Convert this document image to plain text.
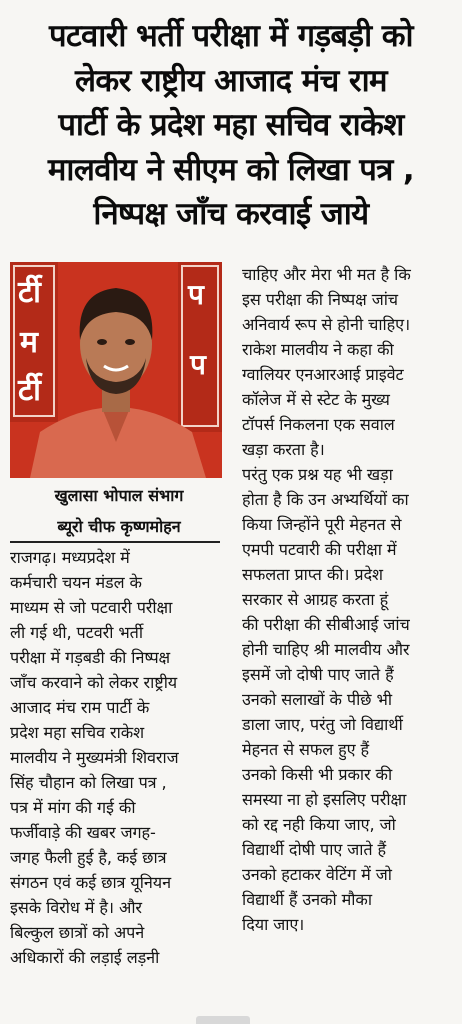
पटवारी भर्ती परीक्षा में गड़बड़ी को
लेकर राष्ट्रीय आजाद मंच राम
पार्टी के प्रदेश महा सचिव राकेश
मालवीय ने सीएम को लिखा पत्र ,
निष्पक्ष जाँच करवाई जाये
र्टी
म
र्टी
प
प
खुलासा भोपाल संभाग
ब्यूरो चीफ कृष्णमोहन

राजगढ़। मध्यप्रदेश में
कर्मचारी चयन मंडल के
माध्यम से जो पटवारी परीक्षा
ली गई थी, पटवरी भर्ती
परीक्षा में गड़बडी की निष्पक्ष
जाँच करवाने को लेकर राष्ट्रीय
आजाद मंच राम पार्टी के
प्रदेश महा सचिव राकेश
मालवीय ने मुख्यमंत्री शिवराज
सिंह चौहान को लिखा पत्र ,
पत्र में मांग की गई की
फर्जीवाड़े की खबर जगह-
जगह फैली हुई है, कई छात्र
संगठन एवं कई छात्र यूनियन
इसके विरोध में है। और
बिल्कुल छात्रों को अपने
अधिकारों की लड़ाई लड़नी

चाहिए और मेरा भी मत है कि
इस परीक्षा की निष्पक्ष जांच
अनिवार्य रूप से होनी चाहिए।
राकेश मालवीय ने कहा की
ग्वालियर एनआरआई प्राइवेट
कॉलेज में से स्टेट के मुख्य
टॉपर्स निकलना एक सवाल
खड़ा करता है।

परंतु एक प्रश्न यह भी खड़ा
होता है कि उन अभ्यर्थियों का
किया जिन्होंने पूरी मेहनत से
एमपी पटवारी की परीक्षा में
सफलता प्राप्त की। प्रदेश
सरकार से आग्रह करता हूं
की परीक्षा की सीबीआई जांच
होनी चाहिए श्री मालवीय और
इसमें जो दोषी पाए जाते हैं
उनको सलाखों के पीछे भी
डाला जाए, परंतु जो विद्यार्थी
मेहनत से सफल हुए हैं
उनको किसी भी प्रकार की
समस्या ना हो इसलिए परीक्षा
को रद्द नही किया जाए, जो
विद्यार्थी दोषी पाए जाते हैं
उनको हटाकर वेटिंग में जो
विद्यार्थी हैं उनको मौका
दिया जाए।
